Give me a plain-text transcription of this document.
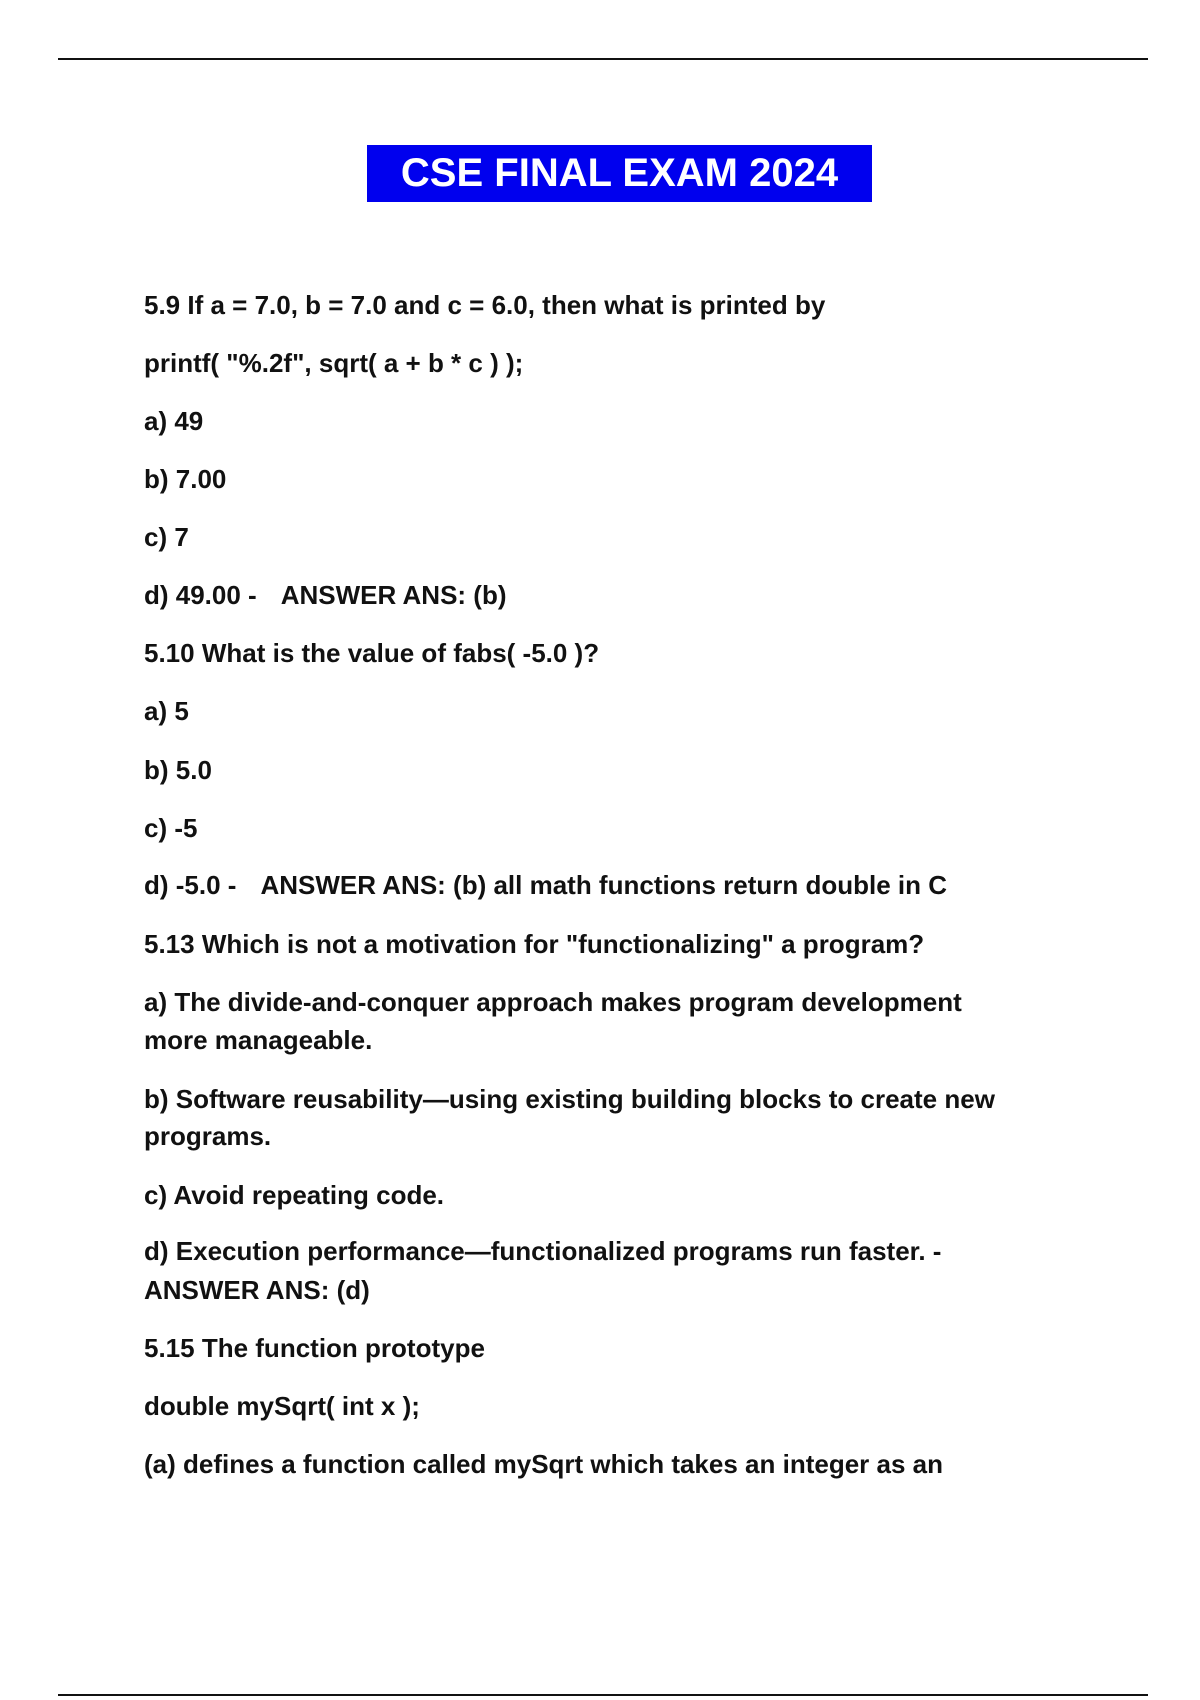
CSE FINAL EXAM 2024
5.9 If a = 7.0, b = 7.0 and c = 6.0, then what is printed by
printf( "%.2f", sqrt( a + b * c ) );
a) 49
b) 7.00
c) 7
d) 49.00 - ANSWER ANS: (b)
5.10 What is the value of fabs( -5.0 )?
a) 5
b) 5.0
c) -5
d) -5.0 - ANSWER ANS: (b) all math functions return double in C
5.13 Which is not a motivation for "functionalizing" a program?
a) The divide-and-conquer approach makes program development
more manageable.
b) Software reusability—using existing building blocks to create new
programs.
c) Avoid repeating code.
d) Execution performance—functionalized programs run faster. -
ANSWER ANS: (d)
5.15 The function prototype
double mySqrt( int x );
(a) defines a function called mySqrt which takes an integer as an
